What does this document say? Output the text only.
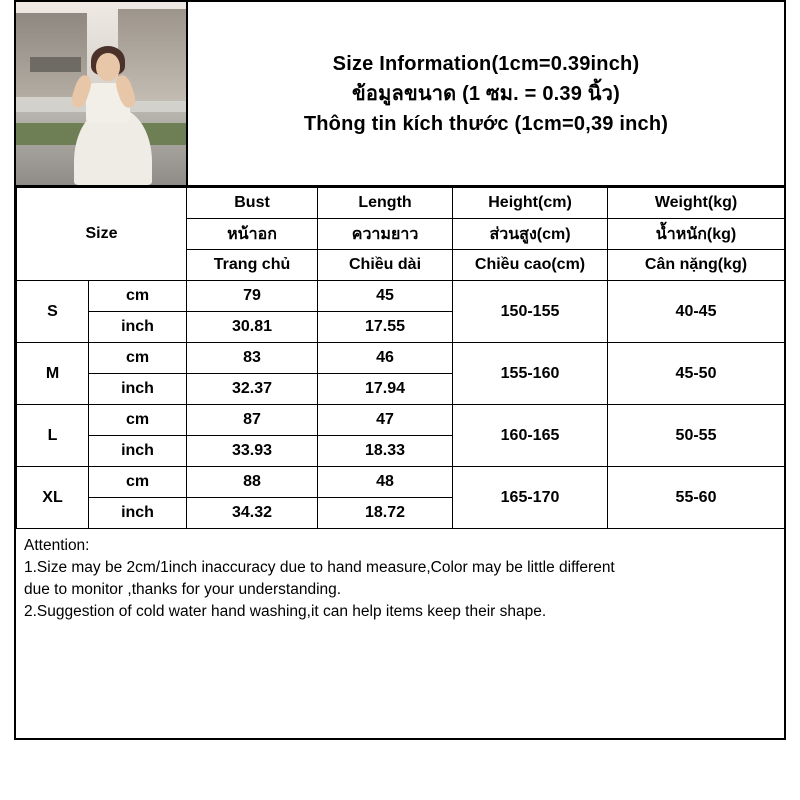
Size Information(1cm=0.39inch)
ข้อมูลขนาด (1 ซม. = 0.39 นิ้ว)
Thông tin kích thước (1cm=0,39 inch)
Size		Bust	Length	Height(cm)	Weight(kg)
		หน้าอก	ความยาว	ส่วนสูง(cm)	น้ำหนัก(kg)
		Trang chủ	Chiều dài	Chiều cao(cm)	Cân nặng(kg)
S	cm	79	45	150-155	40-45
	inch	30.81	17.55		
M	cm	83	46	155-160	45-50
	inch	32.37	17.94		
L	cm	87	47	160-165	50-55
	inch	33.93	18.33		
XL	cm	88	48	165-170	55-60
	inch	34.32	18.72		
Attention:
1.Size may be 2cm/1inch inaccuracy due to hand measure,Color may be little different
due to monitor ,thanks for your understanding.
2.Suggestion of cold water hand washing,it can help items keep their shape.
